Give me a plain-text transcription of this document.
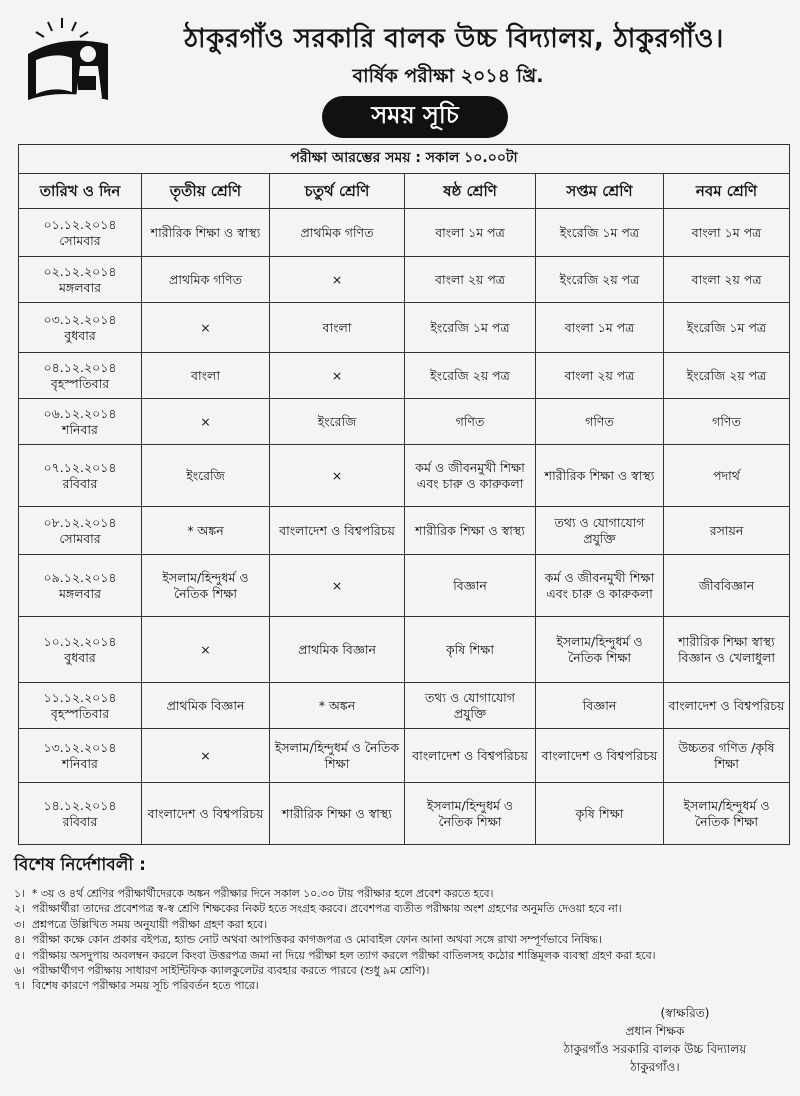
ঠাকুরগাঁও সরকারি বালক উচ্চ বিদ্যালয়, ঠাকুরগাঁও।
বার্ষিক পরীক্ষা ২০১৪ খ্রি.
সময় সূচি
পরীক্ষা আরম্ভের সময় : সকাল ১০.০০টা					
তারিখ ও দিন	তৃতীয় শ্রেণি	চতুর্থ শ্রেণি	ষষ্ঠ শ্রেণি	সপ্তম শ্রেণি	নবম শ্রেণি

০১.১২.২০১৪
সোমবার	শারীরিক শিক্ষা ও স্বাস্থ্য	প্রাথমিক গণিত	বাংলা ১ম পত্র	ইংরেজি ১ম পত্র	বাংলা ১ম পত্র

০২.১২.২০১৪
মঙ্গলবার	প্রাথমিক গণিত	×	বাংলা ২য় পত্র	ইংরেজি ২য় পত্র	বাংলা ২য় পত্র

০৩.১২.২০১৪
বুধবার	×	বাংলা	ইংরেজি ১ম পত্র	বাংলা ১ম পত্র	ইংরেজি ১ম পত্র

০৪.১২.২০১৪
বৃহস্পতিবার	বাংলা	×	ইংরেজি ২য় পত্র	বাংলা ২য় পত্র	ইংরেজি ২য় পত্র

০৬.১২.২০১৪
শনিবার	×	ইংরেজি	গণিত	গণিত	গণিত

০৭.১২.২০১৪
রবিবার	ইংরেজি	×	কর্ম ও জীবনমুখী শিক্ষা এবং চারু ও কারুকলা	শারীরিক শিক্ষা ও স্বাস্থ্য	পদার্থ

০৮.১২.২০১৪
সোমবার	* অঙ্কন	বাংলাদেশ ও বিশ্বপরিচয়	শারীরিক শিক্ষা ও স্বাস্থ্য	তথ্য ও যোগাযোগ প্রযুক্তি	রসায়ন

০৯.১২.২০১৪
মঙ্গলবার	ইসলাম/হিন্দুধর্ম ও নৈতিক শিক্ষা	×	বিজ্ঞান	কর্ম ও জীবনমুখী শিক্ষা এবং চারু ও কারুকলা	জীববিজ্ঞান

১০.১২.২০১৪
বুধবার	×	প্রাথমিক বিজ্ঞান	কৃষি শিক্ষা	ইসলাম/হিন্দুধর্ম ও নৈতিক শিক্ষা	শারীরিক শিক্ষা স্বাস্থ্য বিজ্ঞান ও খেলাধুলা

১১.১২.২০১৪
বৃহস্পতিবার	প্রাথমিক বিজ্ঞান	* অঙ্কন	তথ্য ও যোগাযোগ প্রযুক্তি	বিজ্ঞান	বাংলাদেশ ও বিশ্বপরিচয়

১৩.১২.২০১৪
শনিবার	×	ইসলাম/হিন্দুধর্ম ও নৈতিক শিক্ষা	বাংলাদেশ ও বিশ্বপরিচয়	বাংলাদেশ ও বিশ্বপরিচয়	উচ্চতর গণিত /কৃষি শিক্ষা

১৪.১২.২০১৪
রবিবার	বাংলাদেশ ও বিশ্বপরিচয়	শারীরিক শিক্ষা ও স্বাস্থ্য	ইসলাম/হিন্দুধর্ম ও নৈতিক শিক্ষা	কৃষি শিক্ষা	ইসলাম/হিন্দুধর্ম ও নৈতিক শিক্ষা
বিশেষ নির্দেশাবলী :
১। * ৩য় ও ৪র্থ শ্রেণির পরীক্ষার্থীদেরকে অঙ্কন পরীক্ষার দিনে সকাল ১০.৩০ টায় পরীক্ষার হলে প্রবেশ করতে হবে।
২। পরীক্ষার্থীরা তাদের প্রবেশপত্র স্ব-স্ব শ্রেণি শিক্ষকের নিকট হতে সংগ্রহ করবে। প্রবেশপত্র ব্যতীত পরীক্ষায় অংশ গ্রহণের অনুমতি দেওয়া হবে না।
৩। প্রশ্নপত্রে উল্লিখিত সময় অনুযায়ী পরীক্ষা গ্রহণ করা হবে।
৪। পরীক্ষা কক্ষে কোন প্রকার বইপত্র, হ্যান্ড নোট অথবা আপত্তিকর কাগজপত্র ও মোবাইল ফোন আনা অথবা সঙ্গে রাখা সম্পূর্ণভাবে নিষিদ্ধ।
৫। পরীক্ষায় অসদুপায় অবলম্বন করলে কিংবা উত্তরপত্র জমা না দিয়ে পরীক্ষা হল ত্যাগ করলে পরীক্ষা বাতিলসহ কঠোর শাস্তিমূলক ব্যবস্থা গ্রহণ করা হবে।
৬। পরীক্ষার্থীগণ পরীক্ষায় সাধারণ সাইন্টিফিক ক্যালকুলেটর ব্যবহার করতে পারবে (শুধু ৯ম শ্রেণি)।
৭। বিশেষ কারণে পরীক্ষার সময় সূচি পরিবর্তন হতে পারে।
(স্বাক্ষরিত)
প্রধান শিক্ষক
ঠাকুরগাঁও সরকারি বালক উচ্চ বিদ্যালয়
ঠাকুরগাঁও।
